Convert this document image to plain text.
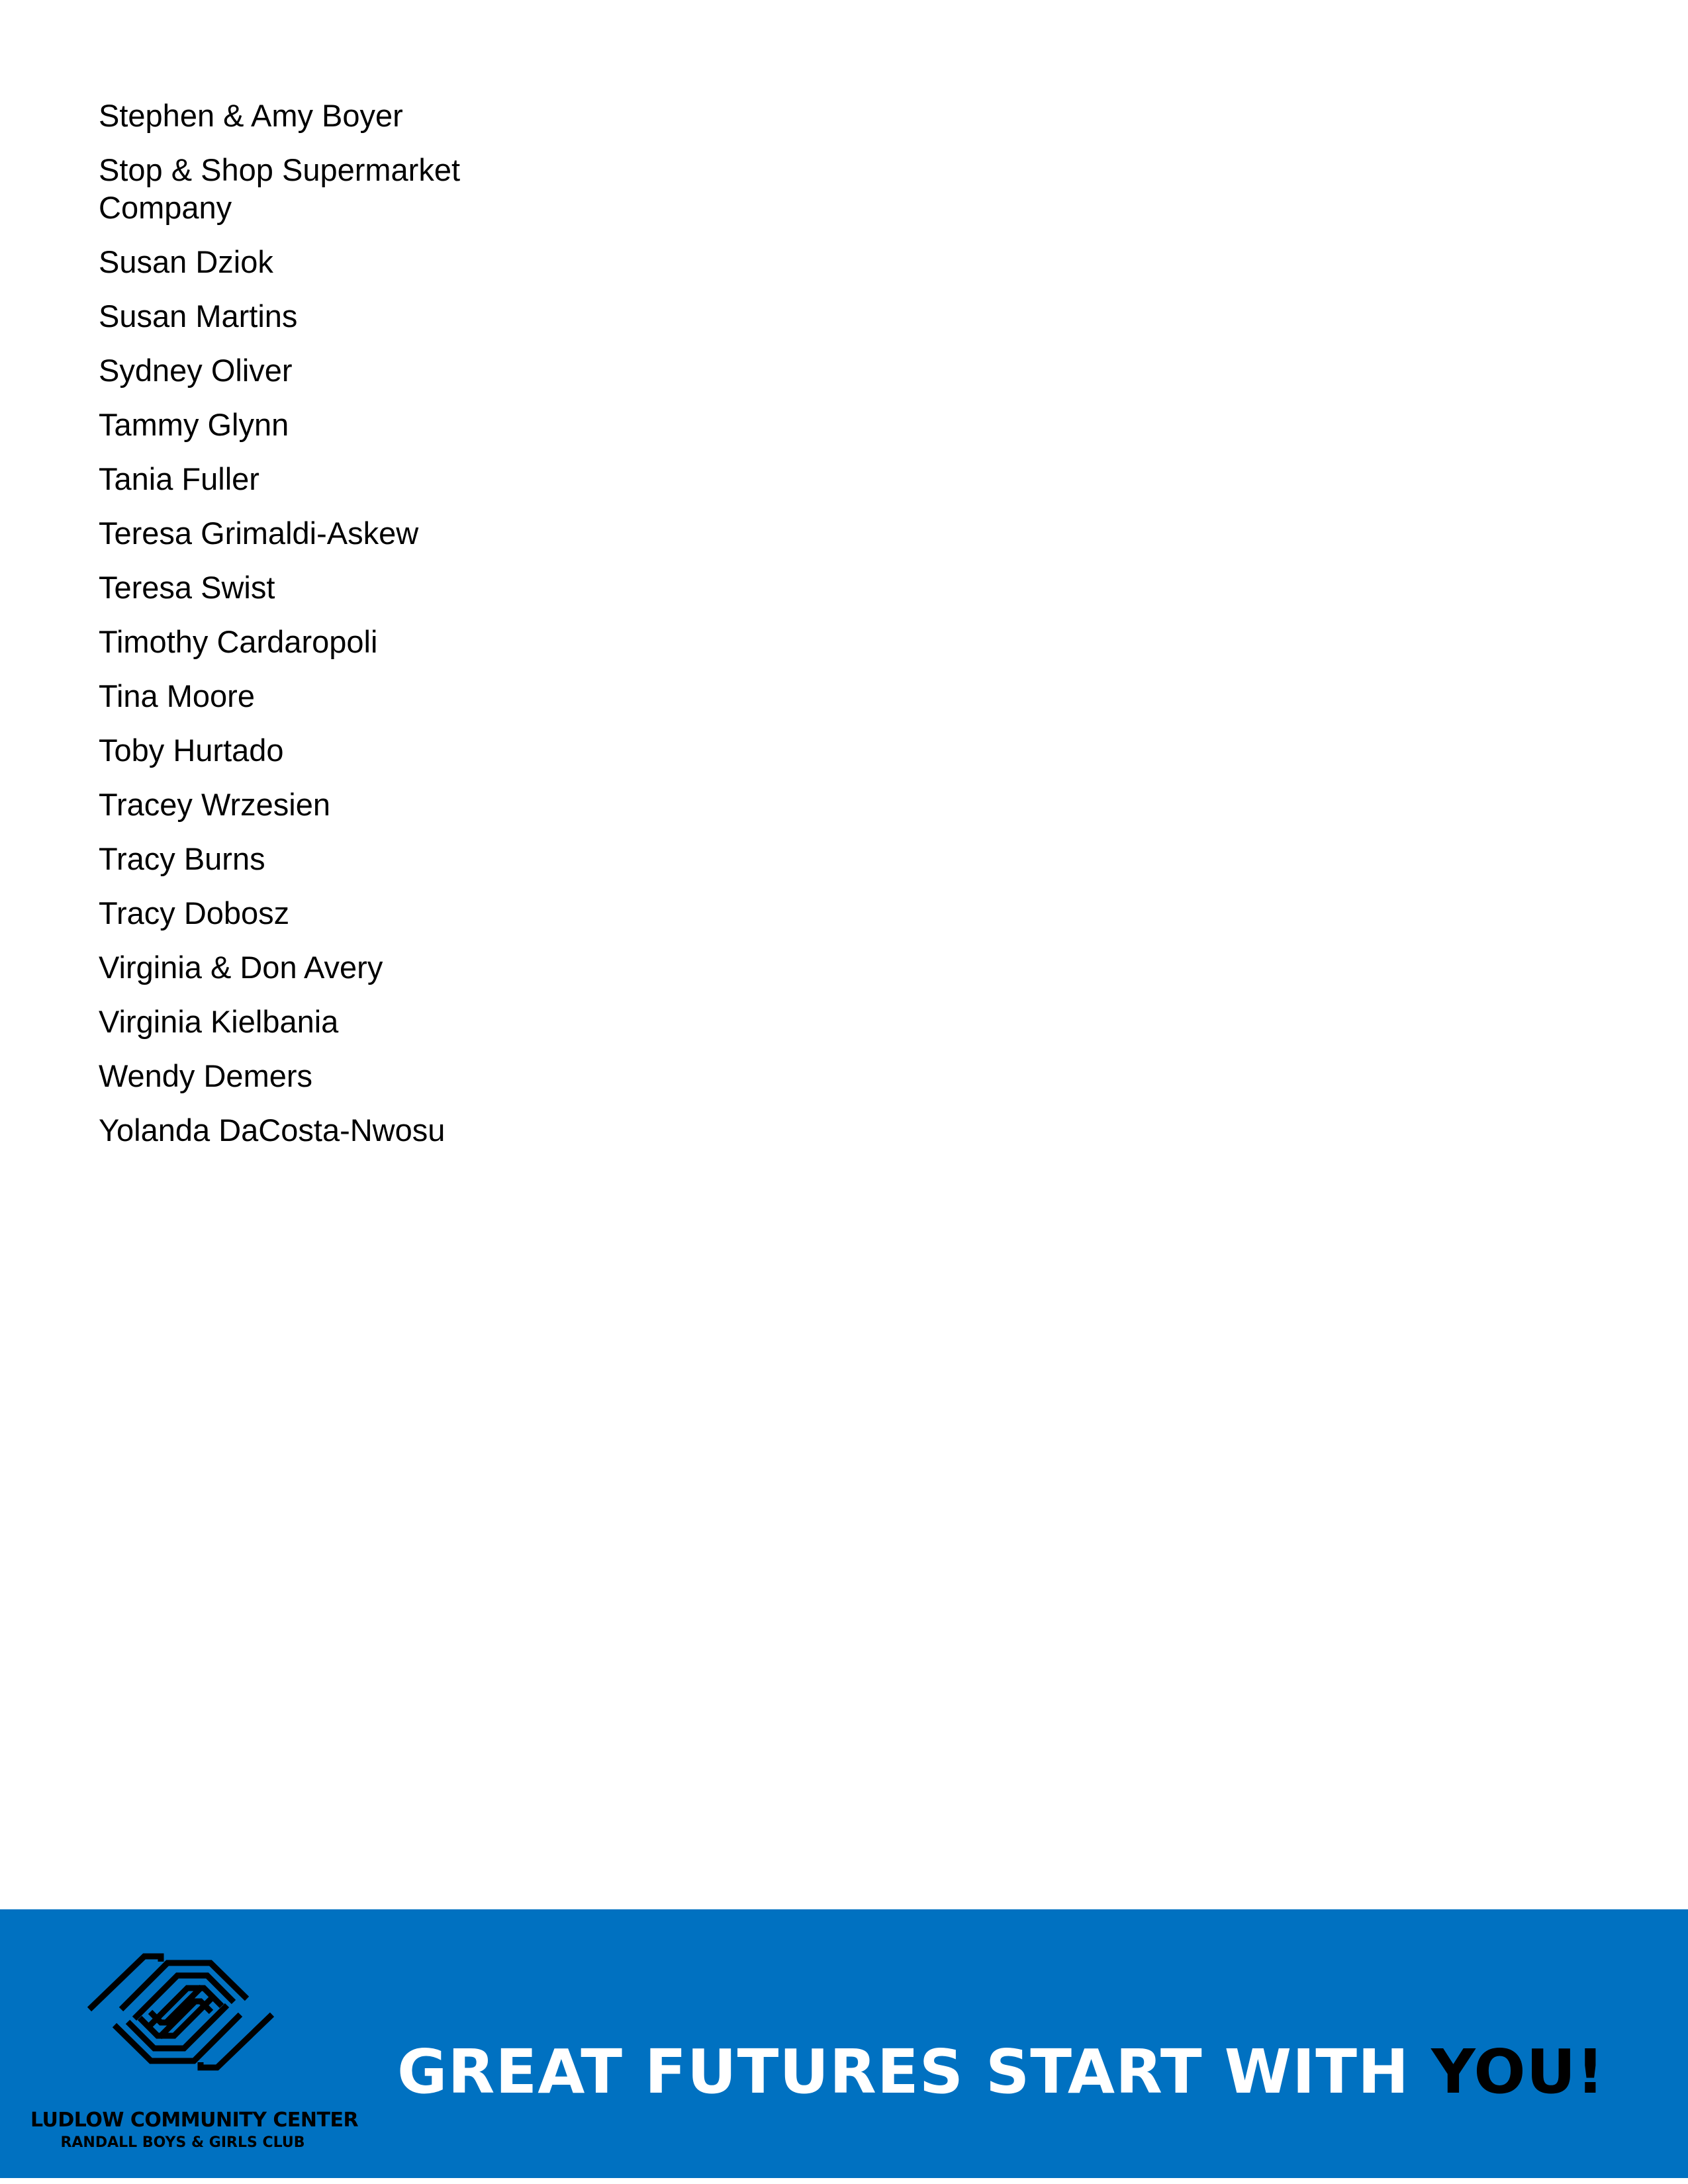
Stephen & Amy Boyer
Stop & Shop Supermarket
Company
Susan Dziok
Susan Martins
Sydney Oliver
Tammy Glynn
Tania Fuller
Teresa Grimaldi-Askew
Teresa Swist
Timothy Cardaropoli
Tina Moore
Toby Hurtado
Tracey Wrzesien
Tracy Burns
Tracy Dobosz
Virginia & Don Avery
Virginia Kielbania
Wendy Demers
Yolanda DaCosta-Nwosu
LUDLOW COMMUNITY CENTER
RANDALL BOYS & GIRLS CLUB
GREAT FUTURES START WITH YOU!
